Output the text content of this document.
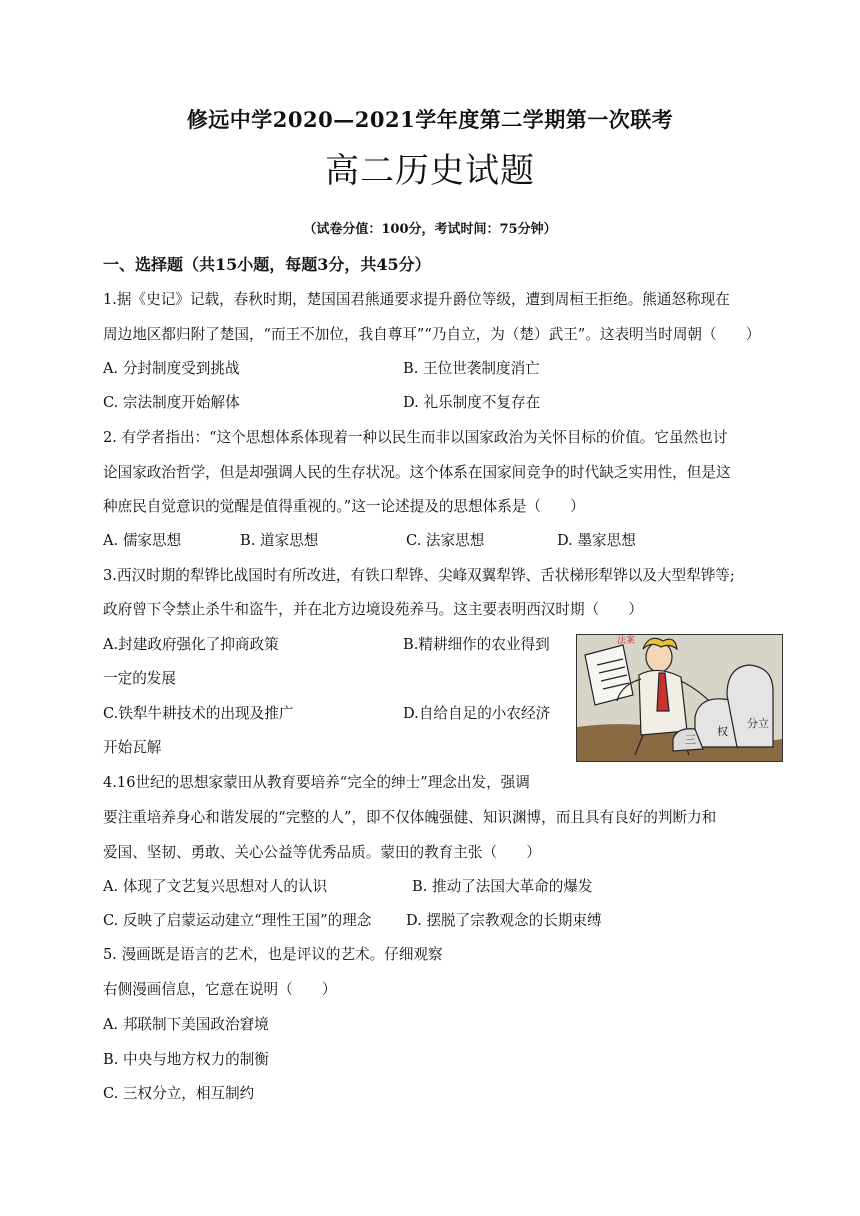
修远中学2020—2021学年度第二学期第一次联考
高二历史试题
（试卷分值：100分，考试时间：75分钟）
一、选择题（共15小题，每题3分，共45分）
1.据《史记》记载，春秋时期，楚国国君熊通要求提升爵位等级，遭到周桓王拒绝。熊通怒称现在
周边地区都归附了楚国，“而王不加位，我自尊耳”“乃自立，为（楚）武王”。这表明当时周朝（　　）
A. 分封制度受到挑战	B. 王位世袭制度消亡
C. 宗法制度开始解体	D. 礼乐制度不复存在
2. 有学者指出：“这个思想体系体现着一种以民生而非以国家政治为关怀目标的价值。它虽然也讨
论国家政治哲学，但是却强调人民的生存状况。这个体系在国家间竞争的时代缺乏实用性，但是这
种庶民自觉意识的觉醒是值得重视的。”这一论述提及的思想体系是（　　）
A. 儒家思想	B. 道家思想	C. 法家思想	D. 墨家思想
3.西汉时期的犁铧比战国时有所改进，有铁口犁铧、尖峰双翼犁铧、舌状梯形犁铧以及大型犁铧等;
政府曾下令禁止杀牛和盗牛，并在北方边境设苑养马。这主要表明西汉时期（　　）
A.封建政府强化了抑商政策	B.精耕细作的农业得到
一定的发展
C.铁犁牛耕技术的出现及推广	D.自给自足的小农经济
开始瓦解
法案
三
权
分立
4.16世纪的思想家蒙田从教育要培养“完全的绅士”理念出发，强调
要注重培养身心和谐发展的“完整的人”，即不仅体魄强健、知识渊博，而且具有良好的判断力和
爱国、坚韧、勇敢、关心公益等优秀品质。蒙田的教育主张（　　）
A. 体现了文艺复兴思想对人的认识	B. 推动了法国大革命的爆发
C. 反映了启蒙运动建立“理性王国”的理念 D. 摆脱了宗教观念的长期束缚
5. 漫画既是语言的艺术，也是评议的艺术。仔细观察
右侧漫画信息，它意在说明（　　）
A. 邦联制下美国政治窘境
B. 中央与地方权力的制衡
C. 三权分立，相互制约
